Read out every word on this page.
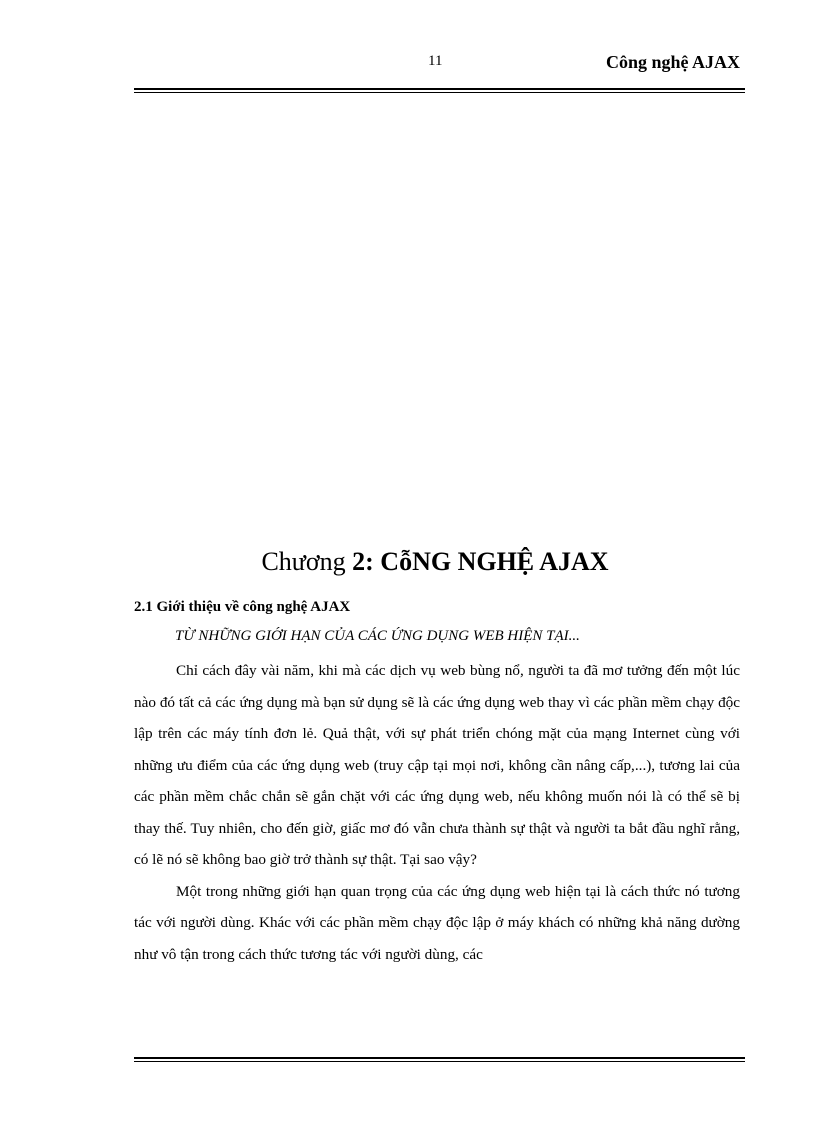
11	Công nghệ AJAX
Chương 2: CỗNG NGHỆ AJAX
2.1 Giới thiệu về công nghệ AJAX
TỪ NHỮNG GIỚI HẠN CỦA CÁC ỨNG DỤNG WEB HIỆN TẠI...

Chỉ cách đây vài năm, khi mà các dịch vụ web bùng nổ, người ta đã mơ tưởng đến một lúc nào đó tất cả các ứng dụng mà bạn sử dụng sẽ là các ứng dụng web thay vì các phần mềm chạy độc lập trên các máy tính đơn lẻ. Quả thật, với sự phát triển chóng mặt của mạng Internet cùng với những ưu điểm của các ứng dụng web (truy cập tại mọi nơi, không cần nâng cấp,...), tương lai của các phần mềm chắc chắn sẽ gắn chặt với các ứng dụng web, nếu không muốn nói là có thể sẽ bị thay thế. Tuy nhiên, cho đến giờ, giấc mơ đó vẫn chưa thành sự thật và người ta bắt đầu nghĩ rằng, có lẽ nó sẽ không bao giờ trở thành sự thật. Tại sao vậy?

Một trong những giới hạn quan trọng của các ứng dụng web hiện tại là cách thức nó tương tác với người dùng. Khác với các phần mềm chạy độc lập ở máy khách có những khả năng dường như vô tận trong cách thức tương tác với người dùng, các
